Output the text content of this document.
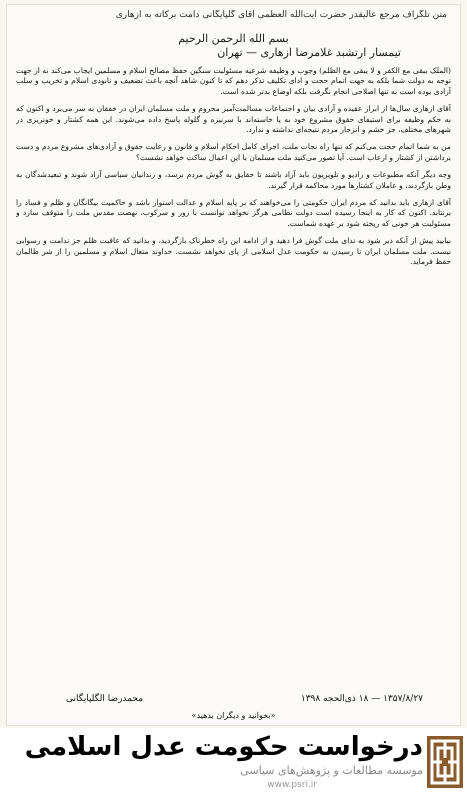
متن تلگراف مرجع عالیقدر حضرت آیت‌الله العظمی آقای گلپایگانی دامت برکاته به ازهاری
بسم الله الرحمن الرحیم
تیمسار ارتشبد غلامرضا ازهاری — تهران

(الملک یبقی مع الکفر و لا یبقی مع الظلم) وجوب و وظیفه شرعیه مسئولیت سنگین حفظ مصالح اسلام و مسلمین ایجاب می‌کند نه از جهت توجه به دولت شما بلکه به جهت اتمام حجت و ادای تکلیف تذکر دهم که تا کنون شاهد آنچه باعث تضعیف و نابودی اسلام و تخریب و سلب آزادی بوده است نه تنها اصلاحی انجام نگرفت بلکه اوضاع بدتر شده است.

آقای ازهاری سال‌ها از ابراز عقیده و آزادی بیان و اجتماعات مسالمت‌آمیز محروم و ملت مسلمان ایران در خفقان به سر می‌برد و اکنون که به حکم وظیفه برای استیفای حقوق مشروع خود به پا خاسته‌اند با سرنیزه و گلوله پاسخ داده می‌شوند. این همه کشتار و خونریزی در شهرهای مختلف، جز خشم و انزجار مردم نتیجه‌ای نداشته و ندارد.

من به شما اتمام حجت می‌کنم که تنها راه نجات ملت، اجرای کامل احکام اسلام و قانون و رعایت حقوق و آزادی‌های مشروع مردم و دست برداشتن از کشتار و ارعاب است. آیا تصور می‌کنید ملت مسلمان با این اعمال ساکت خواهد نشست؟

وجه دیگر آنکه مطبوعات و رادیو و تلویزیون باید آزاد باشند تا حقایق به گوش مردم برسد، و زندانیان سیاسی آزاد شوند و تبعیدشدگان به وطن بازگردند، و عاملان کشتارها مورد محاکمه قرار گیرند.

آقای ازهاری باید بدانید که مردم ایران حکومتی را می‌خواهند که بر پایه اسلام و عدالت استوار باشد و حاکمیت بیگانگان و ظلم و فساد را برنتابد. اکنون که کار به اینجا رسیده است دولت نظامی هرگز نخواهد توانست با زور و سرکوب، نهضت مقدس ملت را متوقف سازد و مسئولیت هر خونی که ریخته شود بر عهده شماست.

بیایید پیش از آنکه دیر شود به ندای ملت گوش فرا دهید و از ادامه این راه خطرناک بازگردید، و بدانید که عاقبت ظلم جز ندامت و رسوایی نیست. ملت مسلمان ایران تا رسیدن به حکومت عدل اسلامی از پای نخواهد نشست. خداوند متعال اسلام و مسلمین را از شر ظالمان حفظ فرماید.

۱۳۵۷/۸/۲۷ — ۱۸ ذی‌الحجه ۱۳۹۸
محمدرضا الگلپایگانی
«بخوانید و دیگران بدهید»
درخواست حکومت عدل اسلامی
موسسه مطالعات و پژوهش‌های سیاسی
www.psri.ir
